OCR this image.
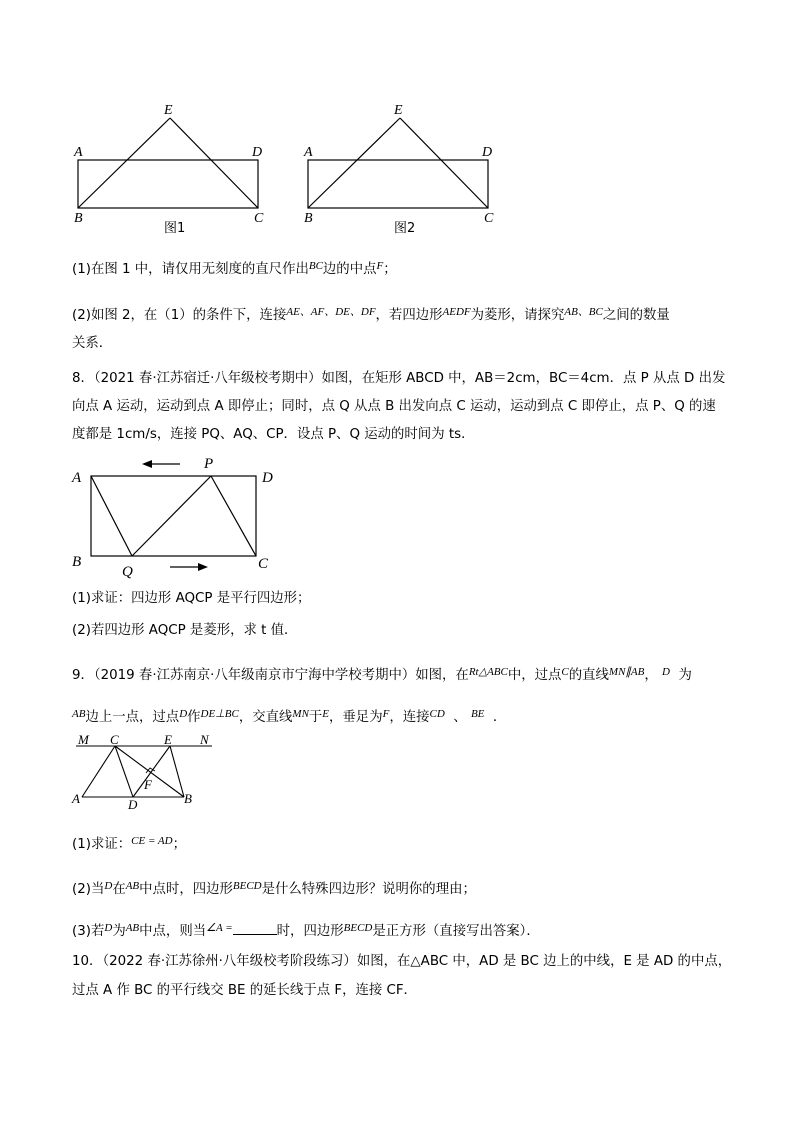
E
A	D
B	C
图1
E
A	D
B	C
图2
(1)在图 1 中，请仅用无刻度的直尺作出$^{BC}$边的中点$^F$；
(2)如图 2，在（1）的条件下，连接$^{AE、AF、DE、DF}$，若四边形$^{AEDF}$为菱形，请探究$^{AB、BC}$之间的数量
关系．
8．（2021 春·江苏宿迁·八年级校考期中）如图，在矩形 ABCD 中，AB＝2cm，BC＝4cm．点 P 从点 D 出发
向点 A 运动，运动到点 A 即停止；同时，点 Q 从点 B 出发向点 C 运动，运动到点 C 即停止，点 P、Q 的速
度都是 1cm/s，连接 PQ、AQ、CP．设点 P、Q 运动的时间为 ts．
A
P
D
B
Q	C
(1)求证：四边形 AQCP 是平行四边形；
(2)若四边形 AQCP 是菱形，求 t 值．
9．（2019 春·江苏南京·八年级南京市宁海中学校考期中）如图，在$^{Rt\triangle ABC}$中，过点$^C$的直线$^{MN\parallel AB}$， $^D$ 为
$^{AB}$边上一点，过点$^D$作$^{DE\perp BC}$，交直线$^{MN}$于$^E$，垂足为$^F$，连接$^{CD}$ 、 $^{BE}$ ．
M C	E N
F
A	D	B
(1)求证：$^{CE = AD}$；
(2)当$^D$在$^{AB}$中点时，四边形$^{BECD}$是什么特殊四边形？说明你的理由；
(3)若$^D$为$^{AB}$中点，则当$^{\angle A =}$	时，四边形$^{BECD}$是正方形（直接写出答案）．
10．（2022 春·江苏徐州·八年级校考阶段练习）如图，在△ABC 中，AD 是 BC 边上的中线，E 是 AD 的中点，
过点 A 作 BC 的平行线交 BE 的延长线于点 F，连接 CF．
